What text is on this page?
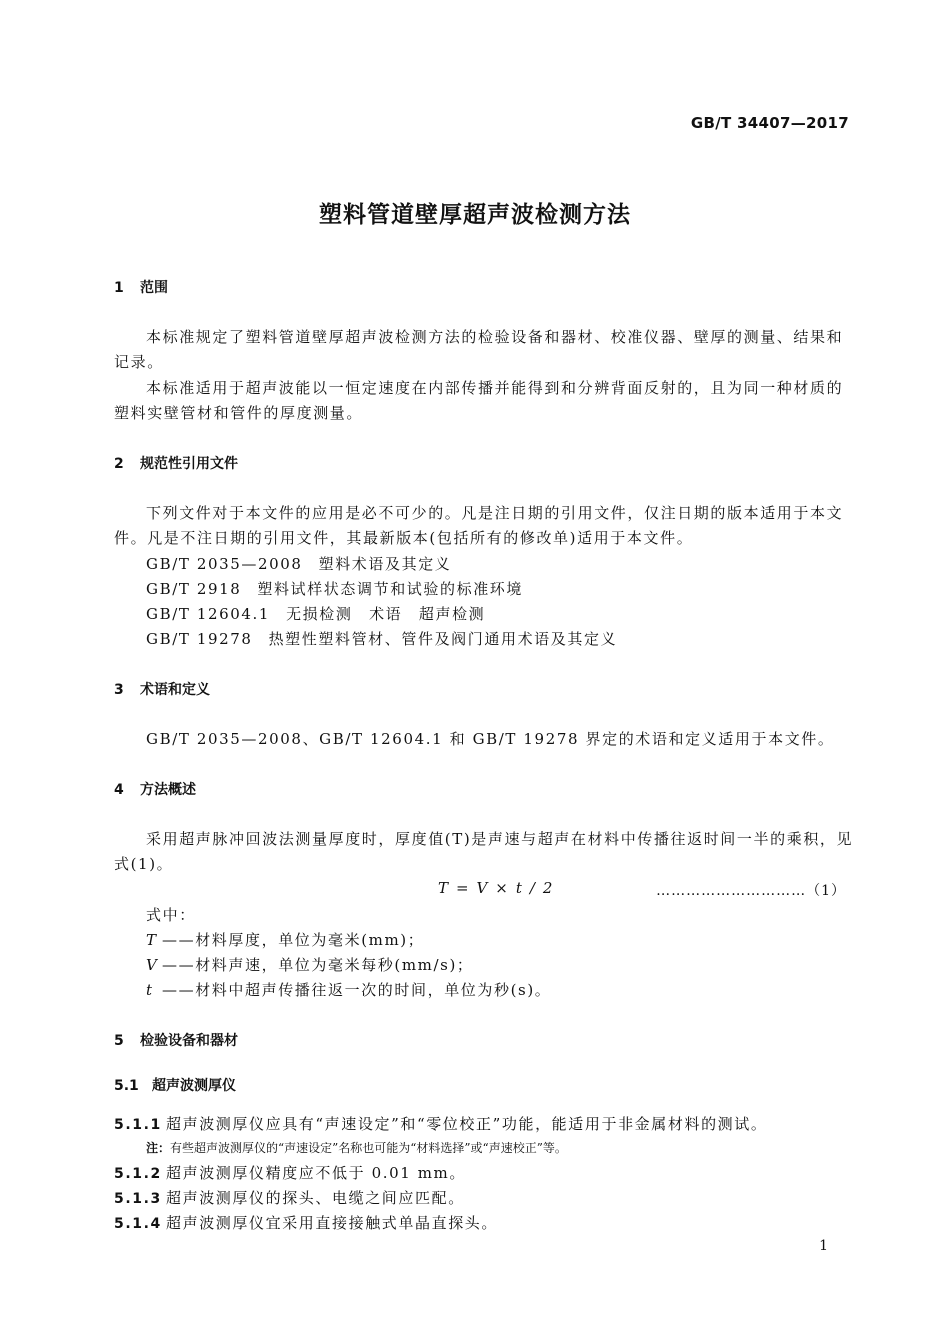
GB/T 34407—2017
塑料管道壁厚超声波检测方法
1 范围
本标准规定了塑料管道壁厚超声波检测方法的检验设备和器材、校准仪器、壁厚的测量、结果和
记录。
本标准适用于超声波能以一恒定速度在内部传播并能得到和分辨背面反射的，且为同一种材质的
塑料实壁管材和管件的厚度测量。
2 规范性引用文件
下列文件对于本文件的应用是必不可少的。凡是注日期的引用文件，仅注日期的版本适用于本文
件。凡是不注日期的引用文件，其最新版本(包括所有的修改单)适用于本文件。
GB/T 2035—2008 塑料术语及其定义
GB/T 2918 塑料试样状态调节和试验的标准环境
GB/T 12604.1 无损检测　术语　超声检测
GB/T 19278 热塑性塑料管材、管件及阀门通用术语及其定义
3 术语和定义
GB/T 2035—2008、GB/T 12604.1 和 GB/T 19278 界定的术语和定义适用于本文件。
4 方法概述
采用超声脉冲回波法测量厚度时，厚度值(T)是声速与超声在材料中传播往返时间一半的乘积，见
式(1)。
T = V × t / 2	…………………………（1）
式中：
T ——材料厚度，单位为毫米(mm)；
V ——材料声速，单位为毫米每秒(mm/s)；
t ——材料中超声传播往返一次的时间，单位为秒(s)。
5 检验设备和器材
5.1 超声波测厚仪
5.1.1 超声波测厚仪应具有“声速设定”和“零位校正”功能，能适用于非金属材料的测试。
注：有些超声波测厚仪的“声速设定”名称也可能为“材料选择”或“声速校正”等。
5.1.2 超声波测厚仪精度应不低于 0.01 mm。
5.1.3 超声波测厚仪的探头、电缆之间应匹配。
5.1.4 超声波测厚仪宜采用直接接触式单晶直探头。
1
